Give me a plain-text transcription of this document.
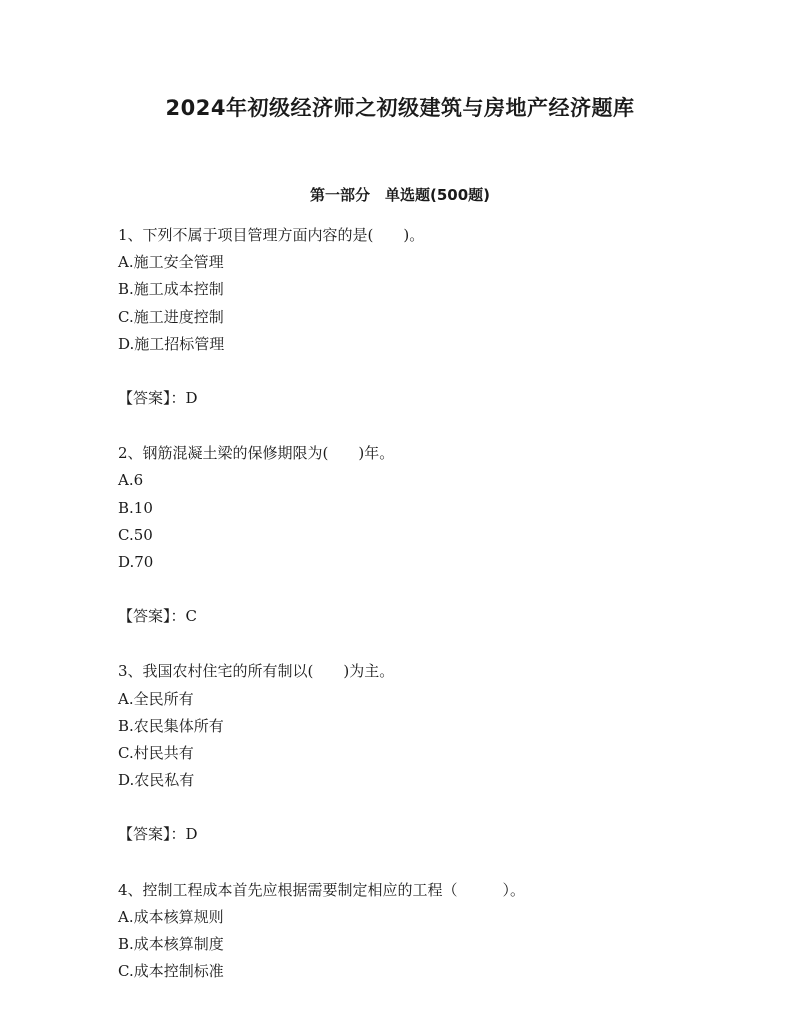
2024年初级经济师之初级建筑与房地产经济题库
第一部分　单选题(500题)

1、下列不属于项目管理方面内容的是(　　)。

A.施工安全管理

B.施工成本控制

C.施工进度控制

D.施工招标管理

【答案】：D

2、钢筋混凝土梁的保修期限为(　　)年。

A.6

B.10

C.50

D.70

【答案】：C

3、我国农村住宅的所有制以(　　)为主。

A.全民所有

B.农民集体所有

C.村民共有

D.农民私有

【答案】：D

4、控制工程成本首先应根据需要制定相应的工程（　　　）。

A.成本核算规则

B.成本核算制度

C.成本控制标准
